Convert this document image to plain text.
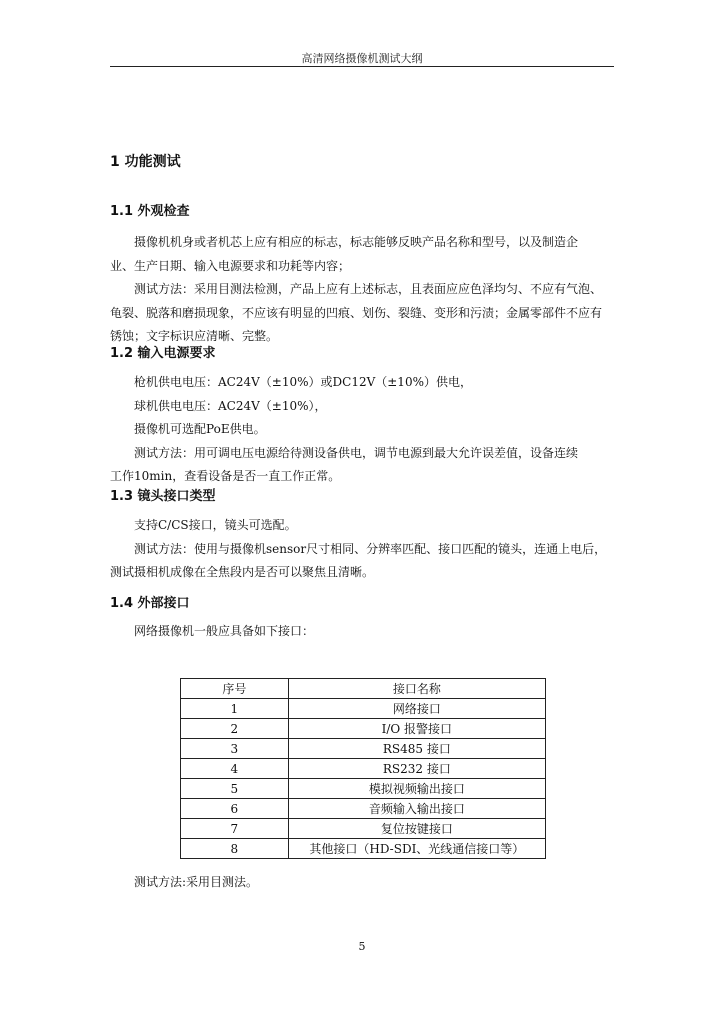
高清网络摄像机测试大纲
1 功能测试
1.1 外观检查
摄像机机身或者机芯上应有相应的标志，标志能够反映产品名称和型号，以及制造企
业、生产日期、输入电源要求和功耗等内容；
测试方法：采用目测法检测，产品上应有上述标志，且表面应应色泽均匀、不应有气泡、
龟裂、脱落和磨损现象，不应该有明显的凹痕、划伤、裂缝、变形和污渍；金属零部件不应有
锈蚀；文字标识应清晰、完整。
1.2 输入电源要求
枪机供电电压：AC24V（±10%）或DC12V（±10%）供电，
球机供电电压：AC24V（±10%），
摄像机可选配PoE供电。
测试方法：用可调电压电源给待测设备供电，调节电源到最大允许误差值，设备连续
工作10min，查看设备是否一直工作正常。
1.3 镜头接口类型
支持C/CS接口，镜头可选配。
测试方法：使用与摄像机sensor尺寸相同、分辨率匹配、接口匹配的镜头，连通上电后，
测试摄相机成像在全焦段内是否可以聚焦且清晰。
1.4 外部接口
网络摄像机一般应具备如下接口：
序号	接口名称
1	网络接口
2	I/O 报警接口
3	RS485 接口
4	RS232 接口
5	模拟视频输出接口
6	音频输入输出接口
7	复位按键接口
8	其他接口（HD-SDI、光线通信接口等）

测试方法:采用目测法。

5
